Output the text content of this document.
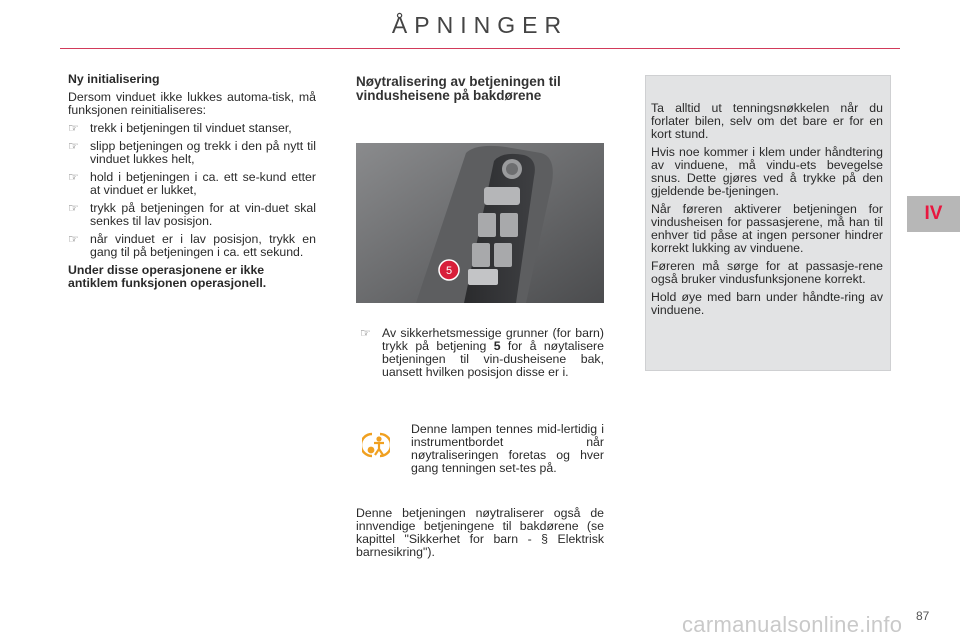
ÅPNINGER
IV

Ny initialisering

Dersom vinduet ikke lukkes automa-tisk, må funksjonen reinitialiseres:

☞ trekk i betjeningen til vinduet stanser,
☞ slipp betjeningen og trekk i den på nytt til vinduet lukkes helt,
☞ hold i betjeningen i ca. ett se-kund etter at vinduet er lukket,
☞ trykk på betjeningen for at vin-duet skal senkes til lav posisjon.
☞ når vinduet er i lav posisjon, trykk en gang til på betjeningen i ca. ett sekund.

Under disse operasjonene er ikke antiklem funksjonen operasjonell.

Nøytralisering av betjeningen til vindusheisene på bakdørene

5
☞ Av sikkerhetsmessige grunner (for barn) trykk på betjening 5 for å nøytalisere betjeningen til vin-dusheisene bak, uansett hvilken posisjon disse er i.
Denne lampen tennes mid-lertidig i instrumentbordet når nøytraliseringen foretas og hver gang tenningen set-tes på.
Denne betjeningen nøytraliserer også de innvendige betjeningene til bakdørene (se kapittel "Sikkerhet for barn - § Elektrisk barnesikring").

Ta alltid ut tenningsnøkkelen når du forlater bilen, selv om det bare er for en kort stund.

Hvis noe kommer i klem under håndtering av vinduene, må vindu-ets bevegelse snus. Dette gjøres ved å trykke på den gjeldende be-tjeningen.

Når føreren aktiverer betjeningen for vindusheisen for passasjerene, må han til enhver tid påse at ingen personer hindrer korrekt lukking av vinduene.

Føreren må sørge for at passasje-rene også bruker vindusfunksjonene korrekt.

Hold øye med barn under håndte-ring av vinduene.

87
carmanualsonline.info
